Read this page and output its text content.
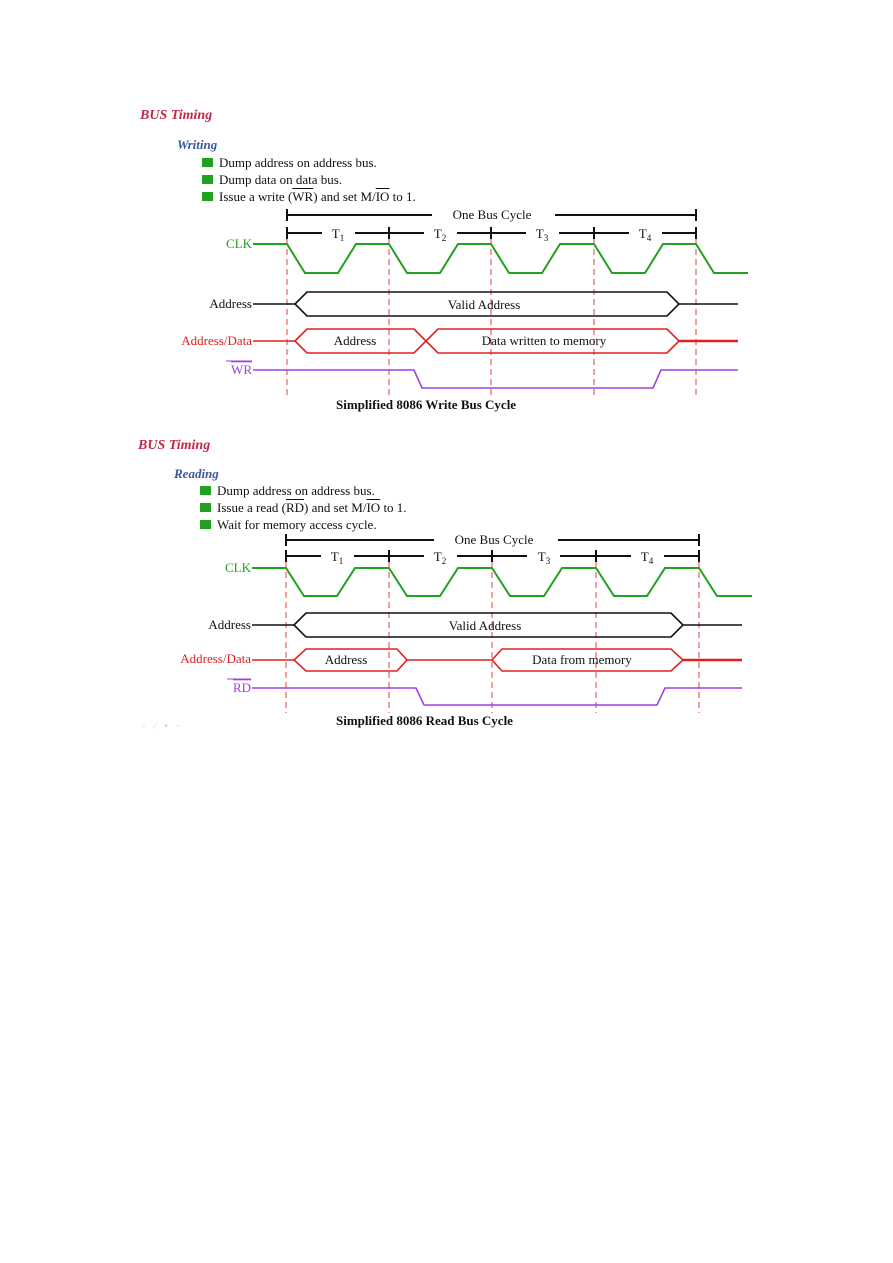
BUS Timing

Writing

Dump address on address bus.
Dump data on data bus.
Issue a write $(\overline{WR})$ and set $M/\overline{IO}$ to 1.
One Bus Cycle
$T_1$	$T_2$	$T_3$	$T_4$
CLK
Address	Valid Address
Address/Data	Address	Data written to memory
WR

Simplified 8086 Write Bus Cycle

BUS Timing

Reading

Dump address on address bus.
Issue a read $(\overline{RD})$ and set $M/\overline{IO}$ to 1.
Wait for memory access cycle.
One Bus Cycle
$T_1$	$T_2$	$T_3$	$T_4$
CLK
Address	Valid Address
Address/Data	Address	Data from memory
RD

Simplified 8086 Read Bus Cycle

◦ ⁄ ▪ ◦
